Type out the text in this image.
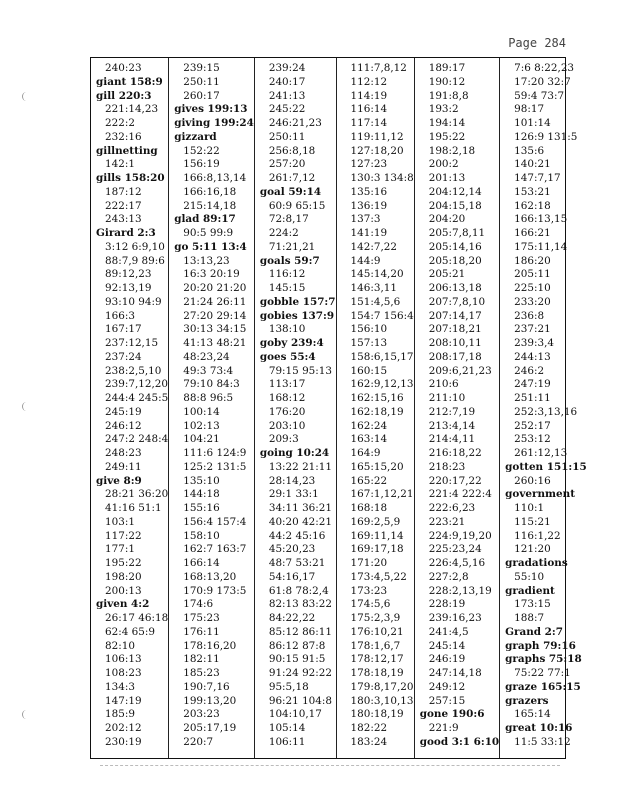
Page 284
240:23
giant 158:9
gill 220:3
221:14,23
222:2
232:16
gillnetting
142:1
gills 158:20
187:12
222:17
243:13
Girard 2:3
3:12 6:9,10
88:7,9 89:6
89:12,23
92:13,19
93:10 94:9
166:3
167:17
237:12,15
237:24
238:2,5,10
239:7,12,20
244:4 245:5
245:19
246:12
247:2 248:4
248:23
249:11
give 8:9
28:21 36:20
41:16 51:1
103:1
117:22
177:1
195:22
198:20
200:13
given 4:2
26:17 46:18
62:4 65:9
82:10
106:13
108:23
134:3
147:19
185:9
202:12
230:19
239:15
250:11
260:17
gives 199:13
giving 199:24
gizzard
152:22
156:19
166:8,13,14
166:16,18
215:14,18
glad 89:17
90:5 99:9
go 5:11 13:4
13:13,23
16:3 20:19
20:20 21:20
21:24 26:11
27:20 29:14
30:13 34:15
41:13 48:21
48:23,24
49:3 73:4
79:10 84:3
88:8 96:5
100:14
102:13
104:21
111:6 124:9
125:2 131:5
135:10
144:18
155:16
156:4 157:4
158:10
162:7 163:7
166:14
168:13,20
170:9 173:5
174:6
175:23
176:11
178:16,20
182:11
185:23
190:7,16
199:13,20
203:23
205:17,19
220:7
239:24
240:17
241:13
245:22
246:21,23
250:11
256:8,18
257:20
261:7,12
goal 59:14
60:9 65:15
72:8,17
224:2
71:21,21
goals 59:7
116:12
145:15
gobble 157:7
gobies 137:9
138:10
goby 239:4
goes 55:4
79:15 95:13
113:17
168:12
176:20
203:10
209:3
going 10:24
13:22 21:11
28:14,23
29:1 33:1
34:11 36:21
40:20 42:21
44:2 45:16
45:20,23
48:7 53:21
54:16,17
61:8 78:2,4
82:13 83:22
84:22,22
85:12 86:11
86:12 87:8
90:15 91:5
91:24 92:22
95:5,18
96:21 104:8
104:10,17
105:14
106:11
111:7,8,12
112:12
114:19
116:14
117:14
119:11,12
127:18,20
127:23
130:3 134:8
135:16
136:19
137:3
141:19
142:7,22
144:9
145:14,20
146:3,11
151:4,5,6
154:7 156:4
156:10
157:13
158:6,15,17
160:15
162:9,12,13
162:15,16
162:18,19
162:24
163:14
164:9
165:15,20
165:22
167:1,12,21
168:18
169:2,5,9
169:11,14
169:17,18
171:20
173:4,5,22
173:23
174:5,6
175:2,3,9
176:10,21
178:1,6,7
178:12,17
178:18,19
179:8,17,20
180:3,10,13
180:18,19
182:22
183:24
189:17
190:12
191:8,8
193:2
194:14
195:22
198:2,18
200:2
201:13
204:12,14
204:15,18
204:20
205:7,8,11
205:14,16
205:18,20
205:21
206:13,18
207:7,8,10
207:14,17
207:18,21
208:10,11
208:17,18
209:6,21,23
210:6
211:10
212:7,19
213:4,14
214:4,11
216:18,22
218:23
220:17,22
221:4 222:4
222:6,23
223:21
224:9,19,20
225:23,24
226:4,5,16
227:2,8
228:2,13,19
228:19
239:16,23
241:4,5
245:14
246:19
247:14,18
249:12
257:15
gone 190:6
221:9
good 3:1 6:10
7:6 8:22,23
17:20 32:7
59:4 73:7
98:17
101:14
126:9 131:5
135:6
140:21
147:7,17
153:21
162:18
166:13,15
166:21
175:11,14
186:20
205:11
225:10
233:20
236:8
237:21
239:3,4
244:13
246:2
247:19
251:11
252:3,13,16
252:17
253:12
261:12,13
gotten 151:15
260:16
government
110:1
115:21
116:1,22
121:20
gradations
55:10
gradient
173:15
188:7
Grand 2:7
graph 79:16
graphs 75:18
75:22 77:1
graze 165:15
grazers
165:14
great 10:16
11:5 33:12
